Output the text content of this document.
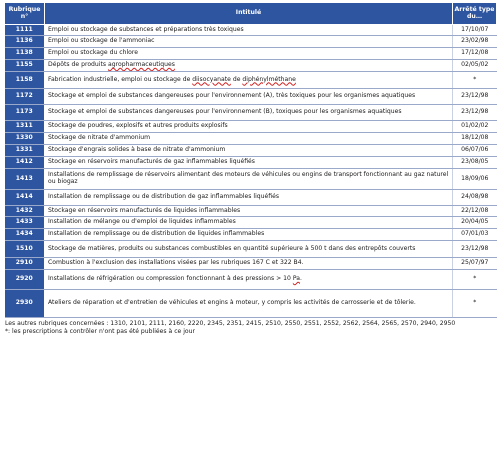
Rubrique n°	Intitulé	Arrêté type du…
1111	Emploi ou stockage de substances et préparations très toxiques	17/10/07
1136	Emploi ou stockage de l'ammoniac	23/02/98
1138	Emploi ou stockage du chlore	17/12/08
1155	Dépôts de produits agropharmaceutiques	02/05/02
1158	Fabrication industrielle, emploi ou stockage de diisocyanate de diphénylméthane	*
1172	Stockage et emploi de substances dangereuses pour l'environnement (A), très toxiques pour les organismes aquatiques	23/12/98
1173	Stockage et emploi de substances dangereuses pour l'environnement (B), toxiques pour les organismes aquatiques	23/12/98
1311	Stockage de poudres, explosifs et autres produits explosifs	01/02/02
1330	Stockage de nitrate d'ammonium	18/12/08
1331	Stockage d'engrais solides à base de nitrate d'ammonium	06/07/06
1412	Stockage en réservoirs manufacturés de gaz inflammables liquéfiés	23/08/05
1413	Installations de remplissage de réservoirs alimentant des moteurs de véhicules ou engins de transport fonctionnant au gaz naturel ou biogaz	18/09/06
1414	Installation de remplissage ou de distribution de gaz inflammables liquéfiés	24/08/98
1432	Stockage en réservoirs manufacturés de liquides inflammables	22/12/08
1433	Installation de mélange ou d'emploi de liquides inflammables	20/04/05
1434	Installation de remplissage ou de distribution de liquides inflammables	07/01/03
1510	Stockage de matières, produits ou substances combustibles en quantité supérieure à 500 t dans des entrepôts couverts	23/12/98
2910	Combustion à l'exclusion des installations visées par les rubriques 167 C et 322 B4.	25/07/97
2920	Installations de réfrigération ou compression fonctionnant à des pressions > 10 Pa.	*
2930	Ateliers de réparation et d'entretien de véhicules et engins à moteur, y compris les activités de carrosserie et de tôlerie.	*
Les autres rubriques concernées : 1310, 2101, 2111, 2160, 2220, 2345, 2351, 2415, 2510, 2550, 2551, 2552, 2562, 2564, 2565, 2570, 2940, 2950
*: les prescriptions à contrôler n'ont pas été publiées à ce jour
